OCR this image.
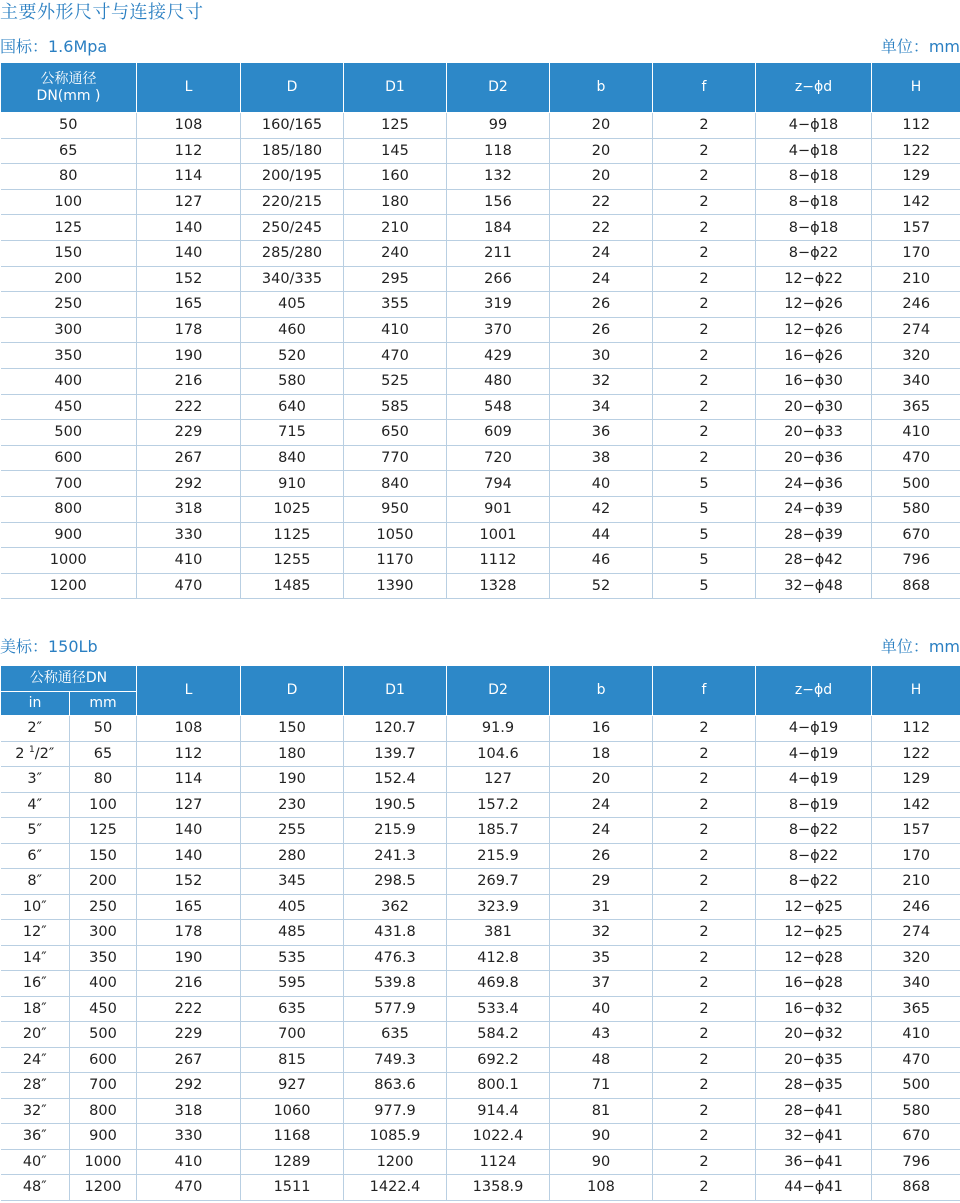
主要外形尺寸与连接尺寸
国标：1.6Mpa	单位：mm
公称通径
DN(mm )	L	D	D1	D2	b	f	z−ϕd	H
50	108	160/165	125	99	20	2	4−ϕ18	112
65	112	185/180	145	118	20	2	4−ϕ18	122
80	114	200/195	160	132	20	2	8−ϕ18	129
100	127	220/215	180	156	22	2	8−ϕ18	142
125	140	250/245	210	184	22	2	8−ϕ18	157
150	140	285/280	240	211	24	2	8−ϕ22	170
200	152	340/335	295	266	24	2	12−ϕ22	210
250	165	405	355	319	26	2	12−ϕ26	246
300	178	460	410	370	26	2	12−ϕ26	274
350	190	520	470	429	30	2	16−ϕ26	320
400	216	580	525	480	32	2	16−ϕ30	340
450	222	640	585	548	34	2	20−ϕ30	365
500	229	715	650	609	36	2	20−ϕ33	410
600	267	840	770	720	38	2	20−ϕ36	470
700	292	910	840	794	40	5	24−ϕ36	500
800	318	1025	950	901	42	5	24−ϕ39	580
900	330	1125	1050	1001	44	5	28−ϕ39	670
1000	410	1255	1170	1112	46	5	28−ϕ42	796
1200	470	1485	1390	1328	52	5	32−ϕ48	868
美标：150Lb	单位：mm
公称通径DN		L	D	D1	D2	b	f	z−ϕd	H
in	mm								
2″	50	108	150	120.7	91.9	16	2	4−ϕ19	112
2 $^1$/2″	65	112	180	139.7	104.6	18	2	4−ϕ19	122
3″	80	114	190	152.4	127	20	2	4−ϕ19	129
4″	100	127	230	190.5	157.2	24	2	8−ϕ19	142
5″	125	140	255	215.9	185.7	24	2	8−ϕ22	157
6″	150	140	280	241.3	215.9	26	2	8−ϕ22	170
8″	200	152	345	298.5	269.7	29	2	8−ϕ22	210
10″	250	165	405	362	323.9	31	2	12−ϕ25	246
12″	300	178	485	431.8	381	32	2	12−ϕ25	274
14″	350	190	535	476.3	412.8	35	2	12−ϕ28	320
16″	400	216	595	539.8	469.8	37	2	16−ϕ28	340
18″	450	222	635	577.9	533.4	40	2	16−ϕ32	365
20″	500	229	700	635	584.2	43	2	20−ϕ32	410
24″	600	267	815	749.3	692.2	48	2	20−ϕ35	470
28″	700	292	927	863.6	800.1	71	2	28−ϕ35	500
32″	800	318	1060	977.9	914.4	81	2	28−ϕ41	580
36″	900	330	1168	1085.9	1022.4	90	2	32−ϕ41	670
40″	1000	410	1289	1200	1124	90	2	36−ϕ41	796
48″	1200	470	1511	1422.4	1358.9	108	2	44−ϕ41	868
